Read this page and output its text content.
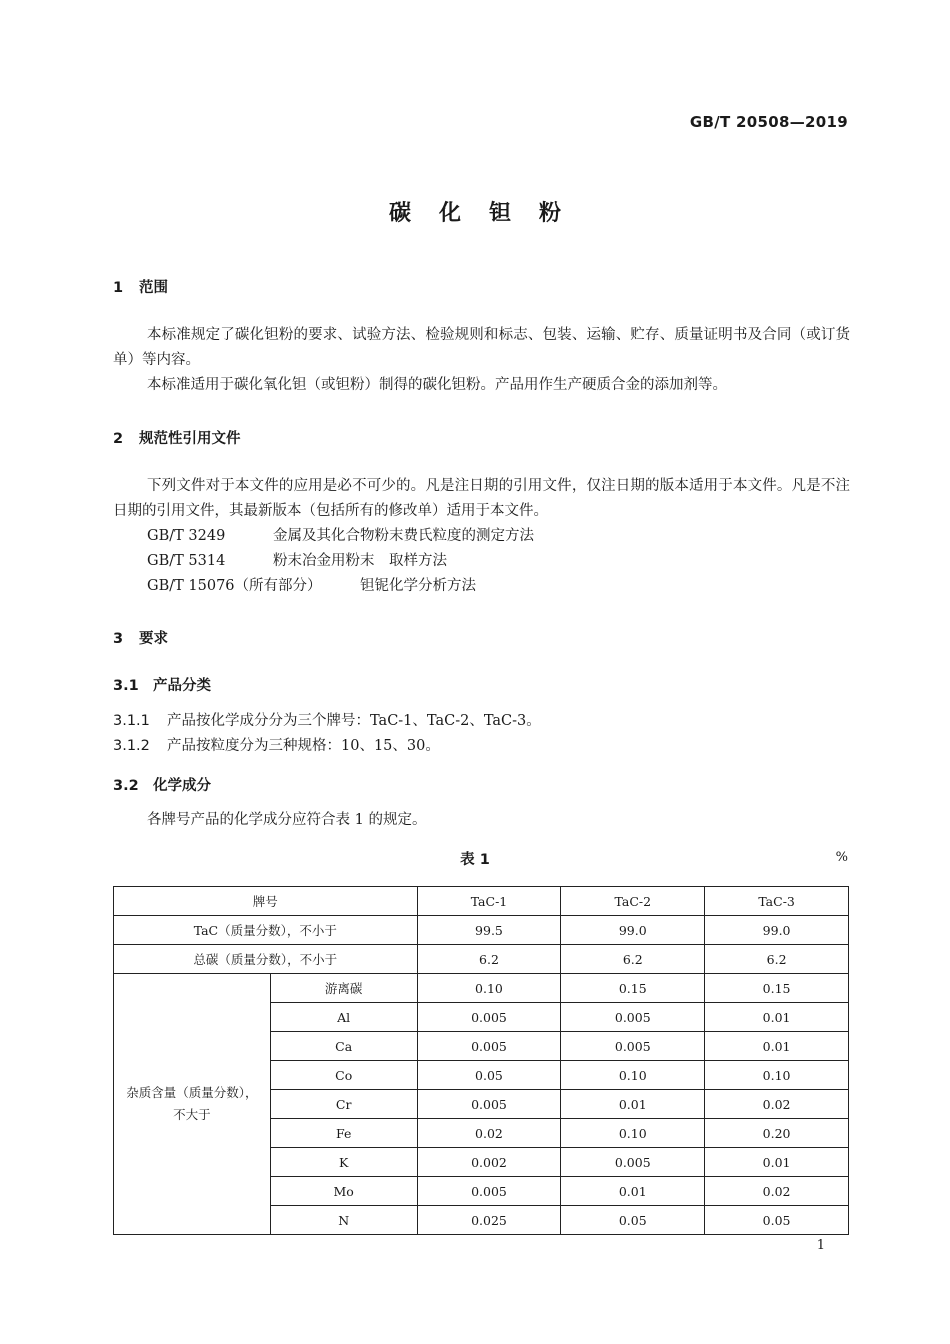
GB/T 20508—2019
碳化钽粉
1 范围
本标准规定了碳化钽粉的要求、试验方法、检验规则和标志、包装、运输、贮存、质量证明书及合同（或订货单）等内容。
本标准适用于碳化氧化钽（或钽粉）制得的碳化钽粉。产品用作生产硬质合金的添加剂等。
2 规范性引用文件
下列文件对于本文件的应用是必不可少的。凡是注日期的引用文件，仅注日期的版本适用于本文件。凡是不注日期的引用文件，其最新版本（包括所有的修改单）适用于本文件。
GB/T 3249	金属及其化合物粉末费氏粒度的测定方法
GB/T 5314	粉末冶金用粉末　取样方法
GB/T 15076（所有部分）	钽铌化学分析方法
3 要求
3.1 产品分类
3.1.1 产品按化学成分分为三个牌号：TaC-1、TaC-2、TaC-3。
3.1.2 产品按粒度分为三种规格：10、15、30。
3.2 化学成分
各牌号产品的化学成分应符合表 1 的规定。
表 1	%
牌号		TaC-1	TaC-2	TaC-3
TaC（质量分数），不小于		99.5	99.0	99.0
总碳（质量分数），不小于		6.2	6.2	6.2
杂质含量（质量分数），
不大于	游离碳	0.10	0.15	0.15
	Al	0.005	0.005	0.01
	Ca	0.005	0.005	0.01
	Co	0.05	0.10	0.10
	Cr	0.005	0.01	0.02
	Fe	0.02	0.10	0.20
	K	0.002	0.005	0.01
	Mo	0.005	0.01	0.02
	N	0.025	0.05	0.05
1
